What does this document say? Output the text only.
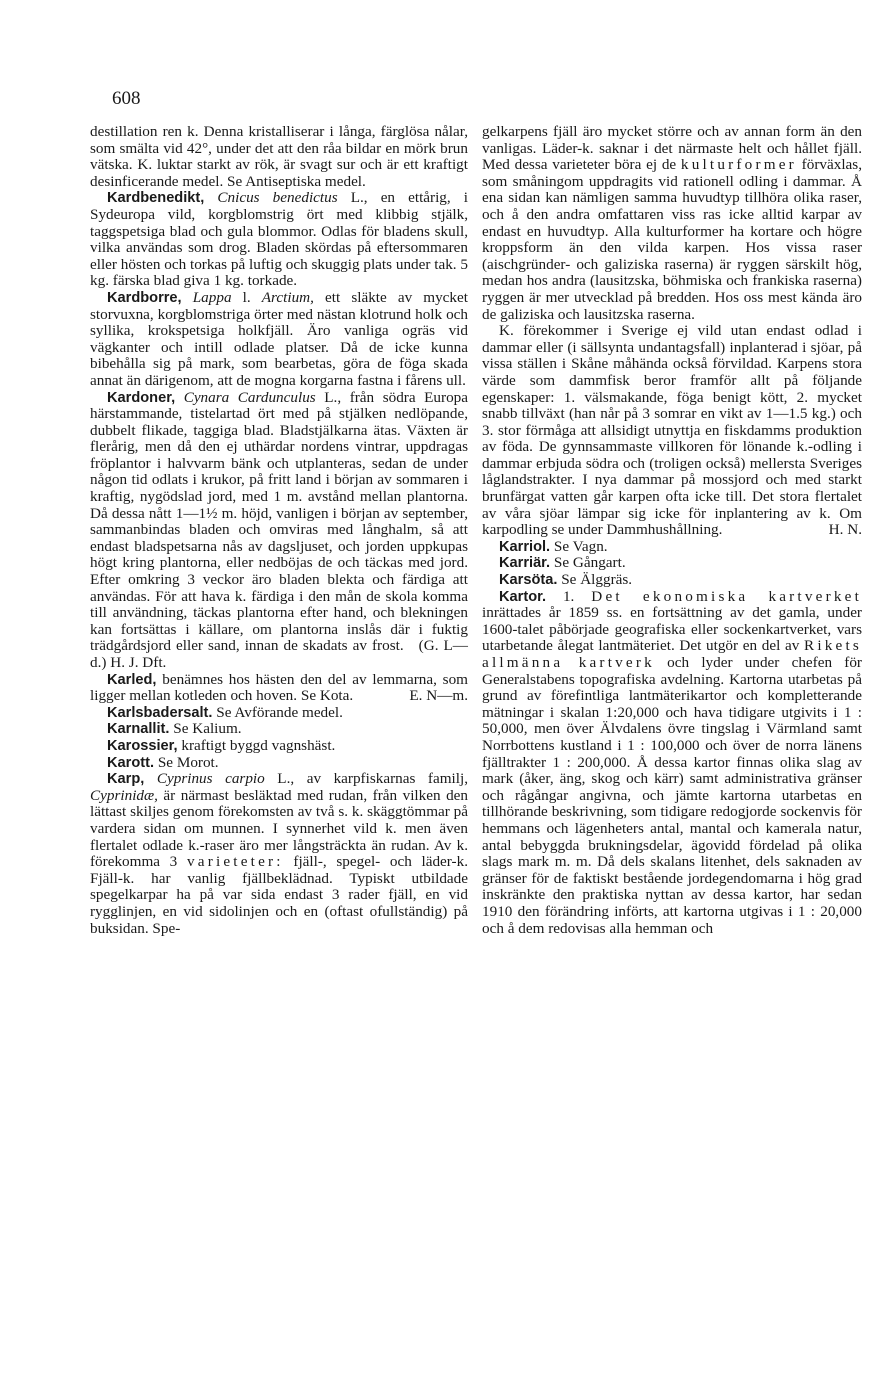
608

destillation ren k. Denna kristalliserar i långa, färglösa nålar, som smälta vid 42°, under det att den råa bildar en mörk brun vätska. K. luktar starkt av rök, är svagt sur och är ett kraftigt desinficerande medel. Se Antiseptiska medel.

Kardbenedikt, Cnicus benedictus L., en ettårig, i Sydeuropa vild, korgblomstrig ört med klibbig stjälk, taggspetsiga blad och gula blommor. Odlas för bladens skull, vilka användas som drog. Bladen skördas på eftersommaren eller hösten och torkas på luftig och skuggig plats under tak. 5 kg. färska blad giva 1 kg. torkade.

Kardborre, Lappa l. Arctium, ett släkte av mycket storvuxna, korgblomstriga örter med nästan klotrund holk och syllika, krokspetsiga holkfjäll. Äro vanliga ogräs vid vägkanter och intill odlade platser. Då de icke kunna bibehålla sig på mark, som bearbetas, göra de föga skada annat än därigenom, att de mogna korgarna fastna i fårens ull.

Kardoner, Cynara Cardunculus L., från södra Europa härstammande, tistelartad ört med på stjälken nedlöpande, dubbelt flikade, taggiga blad. Bladstjälkarna ätas. Växten är flerårig, men då den ej uthärdar nordens vintrar, uppdragas fröplantor i halvvarm bänk och utplanteras, sedan de under någon tid odlats i krukor, på fritt land i början av sommaren i kraftig, nygödslad jord, med 1 m. avstånd mellan plantorna. Då dessa nått 1—1½ m. höjd, vanligen i början av september, sammanbindas bladen och omviras med långhalm, så att endast bladspetsarna nås av dagsljuset, och jorden uppkupas högt kring plantorna, eller nedböjas de och täckas med jord. Efter omkring 3 veckor äro bladen blekta och färdiga att användas. För att hava k. färdiga i den mån de skola komma till användning, täckas plantorna efter hand, och blekningen kan fortsättas i källare, om plantorna inslås där i fuktig trädgårdsjord eller sand, innan de skadats av frost. (G. L—d.) H. J. Dft.

Karled, benämnes hos hästen den del av lemmarna, som ligger mellan kotleden och hoven. Se Kota.	E. N—m.

Karlsbadersalt. Se Avförande medel.

Karnallit. Se Kalium.

Karossier, kraftigt byggd vagnshäst.

Karott. Se Morot.

Karp, Cyprinus carpio L., av karpfiskarnas familj, Cyprinidæ, är närmast besläktad med rudan, från vilken den lättast skiljes genom förekomsten av två s. k. skäggtömmar på vardera sidan om munnen. I synnerhet vild k. men även flertalet odlade k.-raser äro mer långsträckta än rudan. Av k. förekomma 3 varieteter: fjäll-, spegel- och läder-k. Fjäll-k. har vanlig fjällbeklädnad. Typiskt utbildade spegelkarpar ha på var sida endast 3 rader fjäll, en vid rygglinjen, en vid sidolinjen och en (oftast ofullständig) på buksidan. Spe-

gelkarpens fjäll äro mycket större och av annan form än den vanligas. Läder-k. saknar i det närmaste helt och hållet fjäll. Med dessa varieteter böra ej de kulturformer förväxlas, som småningom uppdragits vid rationell odling i dammar. Å ena sidan kan nämligen samma huvudtyp tillhöra olika raser, och å den andra omfattaren viss ras icke alltid karpar av endast en huvudtyp. Alla kulturformer ha kortare och högre kroppsform än den vilda karpen. Hos vissa raser (aischgründer- och galiziska raserna) är ryggen särskilt hög, medan hos andra (lausitzska, böhmiska och frankiska raserna) ryggen är mer utvecklad på bredden. Hos oss mest kända äro de galiziska och lausitzska raserna.

K. förekommer i Sverige ej vild utan endast odlad i dammar eller (i sällsynta undantagsfall) inplanterad i sjöar, på vissa ställen i Skåne måhända också förvildad. Karpens stora värde som dammfisk beror framför allt på följande egenskaper: 1. välsmakande, föga benigt kött, 2. mycket snabb tillväxt (han når på 3 somrar en vikt av 1—1.5 kg.) och 3. stor förmåga att allsidigt utnyttja en fiskdamms produktion av föda. De gynnsammaste villkoren för lönande k.-odling i dammar erbjuda södra och (troligen också) mellersta Sveriges låglandstrakter. I nya dammar på mossjord och med starkt brunfärgat vatten går karpen ofta icke till. Det stora flertalet av våra sjöar lämpar sig icke för inplantering av k. Om karpodling se under Dammhushållning.	H. N.

Karriol. Se Vagn.

Karriär. Se Gångart.

Karsöta. Se Älggräs.

Kartor. 1. Det ekonomiska kartverket inrättades år 1859 ss. en fortsättning av det gamla, under 1600-talet påbörjade geografiska eller sockenkartverket, vars utarbetande ålegat lantmäteriet. Det utgör en del av Rikets allmänna kartverk och lyder under chefen för Generalstabens topografiska avdelning. Kartorna utarbetas på grund av förefintliga lantmäterikartor och kompletterande mätningar i skalan 1:20,000 och hava tidigare utgivits i 1 : 50,000, men över Älvdalens övre tingslag i Värmland samt Norrbottens kustland i 1 : 100,000 och över de norra länens fjälltrakter 1 : 200,000. Å dessa kartor finnas olika slag av mark (åker, äng, skog och kärr) samt administrativa gränser och rågångar angivna, och jämte kartorna utarbetas en tillhörande beskrivning, som tidigare redogjorde sockenvis för hemmans och lägenheters antal, mantal och kamerala natur, antal bebyggda brukningsdelar, ägovidd fördelad på olika slags mark m. m. Då dels skalans litenhet, dels saknaden av gränser för de faktiskt bestående jordegendomarna i hög grad inskränkte den praktiska nyttan av dessa kartor, har sedan 1910 den förändring införts, att kartorna utgivas i 1 : 20,000 och å dem redovisas alla hemman och
